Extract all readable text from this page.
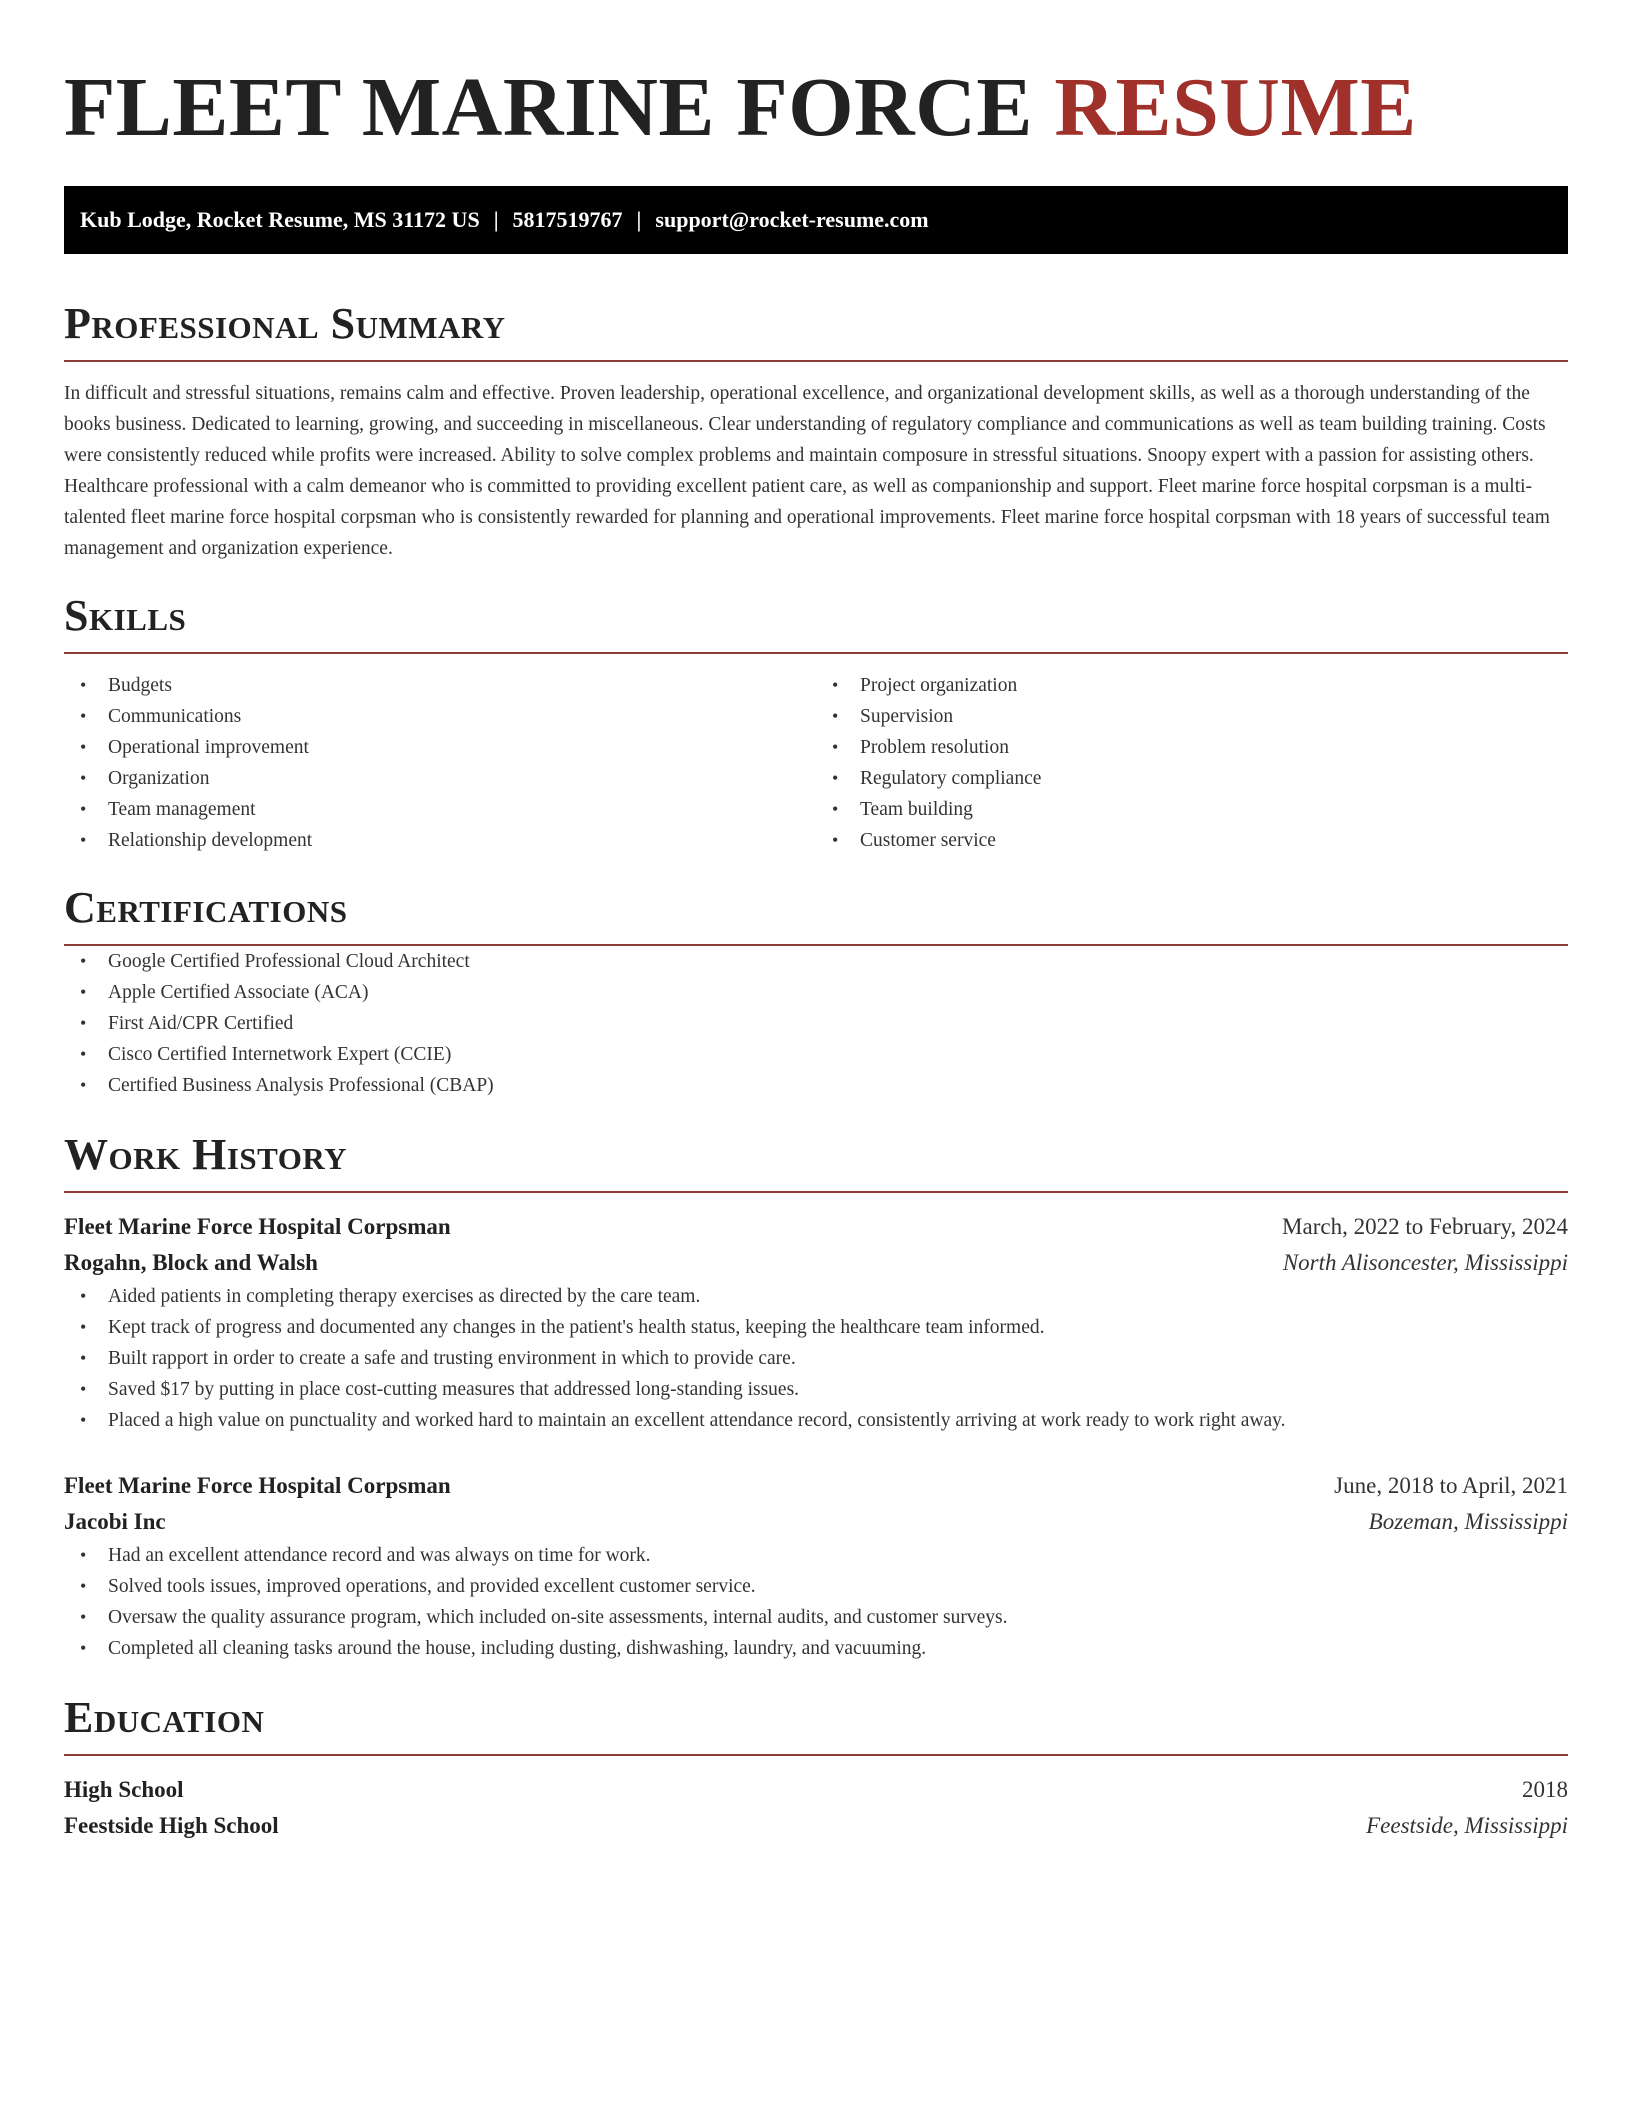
FLEET MARINE FORCE RESUME
Kub Lodge, Rocket Resume, MS 31172 US | 5817519767 | support@rocket-resume.com
Professional Summary

In difficult and stressful situations, remains calm and effective. Proven leadership, operational excellence, and organizational development skills, as well as a thorough understanding of the books business. Dedicated to learning, growing, and succeeding in miscellaneous. Clear understanding of regulatory compliance and communications as well as team building training. Costs were consistently reduced while profits were increased. Ability to solve complex problems and maintain composure in stressful situations. Snoopy expert with a passion for assisting others. Healthcare professional with a calm demeanor who is committed to providing excellent patient care, as well as companionship and support. Fleet marine force hospital corpsman is a multi-talented fleet marine force hospital corpsman who is consistently rewarded for planning and operational improvements. Fleet marine force hospital corpsman with 18 years of successful team management and organization experience.

Skills
• Budgets
• Communications
• Operational improvement
• Organization
• Team management
• Relationship development
• Project organization
• Supervision
• Problem resolution
• Regulatory compliance
• Team building
• Customer service
Certifications
• Google Certified Professional Cloud Architect
• Apple Certified Associate (ACA)
• First Aid/CPR Certified
• Cisco Certified Internetwork Expert (CCIE)
• Certified Business Analysis Professional (CBAP)
Work History
Fleet Marine Force Hospital Corpsman	March, 2022 to February, 2024
Rogahn, Block and Walsh	North Alisoncester, Mississippi
• Aided patients in completing therapy exercises as directed by the care team.
• Kept track of progress and documented any changes in the patient's health status, keeping the healthcare team informed.
• Built rapport in order to create a safe and trusting environment in which to provide care.
• Saved $17 by putting in place cost-cutting measures that addressed long-standing issues.
• Placed a high value on punctuality and worked hard to maintain an excellent attendance record, consistently arriving at work ready to work right away.
Fleet Marine Force Hospital Corpsman	June, 2018 to April, 2021
Jacobi Inc	Bozeman, Mississippi
• Had an excellent attendance record and was always on time for work.
• Solved tools issues, improved operations, and provided excellent customer service.
• Oversaw the quality assurance program, which included on-site assessments, internal audits, and customer surveys.
• Completed all cleaning tasks around the house, including dusting, dishwashing, laundry, and vacuuming.
Education
High School	2018
Feestside High School	Feestside, Mississippi
